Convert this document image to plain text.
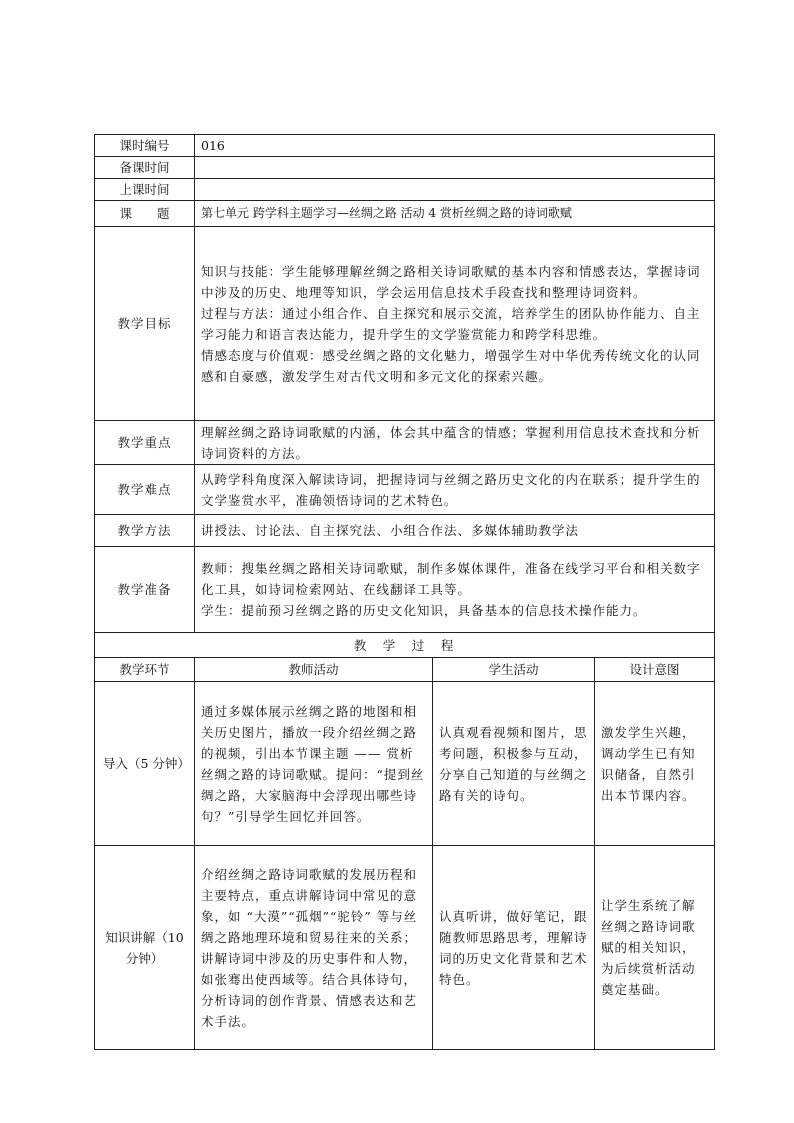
课时编号	016		
备课时间			
上课时间			
课　　题	第七单元 跨学科主题学习—丝绸之路 活动 4 赏析丝绸之路的诗词歌赋		
教学目标	知识与技能：学生能够理解丝绸之路相关诗词歌赋的基本内容和情感表达，掌握诗词中涉及的历史、地理等知识，学会运用信息技术手段查找和整理诗词资料。

过程与方法：通过小组合作、自主探究和展示交流，培养学生的团队协作能力、自主学习能力和语言表达能力，提升学生的文学鉴赏能力和跨学科思维。

情感态度与价值观：感受丝绸之路的文化魅力，增强学生对中华优秀传统文化的认同感和自豪感，激发学生对古代文明和多元文化的探索兴趣。		

教学重点	理解丝绸之路诗词歌赋的内涵，体会其中蕴含的情感；掌握利用信息技术查找和分析诗词资料的方法。		
教学难点	从跨学科角度深入解读诗词，把握诗词与丝绸之路历史文化的内在联系；提升学生的文学鉴赏水平，准确领悟诗词的艺术特色。		
教学方法	讲授法、讨论法、自主探究法、小组合作法、多媒体辅助教学法		
教学准备	教师：搜集丝绸之路相关诗词歌赋，制作多媒体课件，准备在线学习平台和相关数字化工具，如诗词检索网站、在线翻译工具等。

学生：提前预习丝绸之路的历史文化知识，具备基本的信息技术操作能力。		

教　学　过　程			
教学环节	教师活动	学生活动	设计意图
导入（5 分钟）	通过多媒体展示丝绸之路的地图和相关历史图片，播放一段介绍丝绸之路的视频，引出本节课主题 —— 赏析丝绸之路的诗词歌赋。提问：“提到丝绸之路，大家脑海中会浮现出哪些诗句？”引导学生回忆并回答。	认真观看视频和图片，思考问题，积极参与互动，分享自己知道的与丝绸之路有关的诗句。	激发学生兴趣，调动学生已有知识储备，自然引出本节课内容。
知识讲解（10 分钟）	介绍丝绸之路诗词歌赋的发展历程和主要特点，重点讲解诗词中常见的意象，如 “大漠”“孤烟”“驼铃” 等与丝绸之路地理环境和贸易往来的关系；讲解诗词中涉及的历史事件和人物，如张骞出使西域等。结合具体诗句，分析诗词的创作背景、情感表达和艺术手法。	认真听讲，做好笔记，跟随教师思路思考，理解诗词的历史文化背景和艺术特色。	让学生系统了解丝绸之路诗词歌赋的相关知识，为后续赏析活动奠定基础。
